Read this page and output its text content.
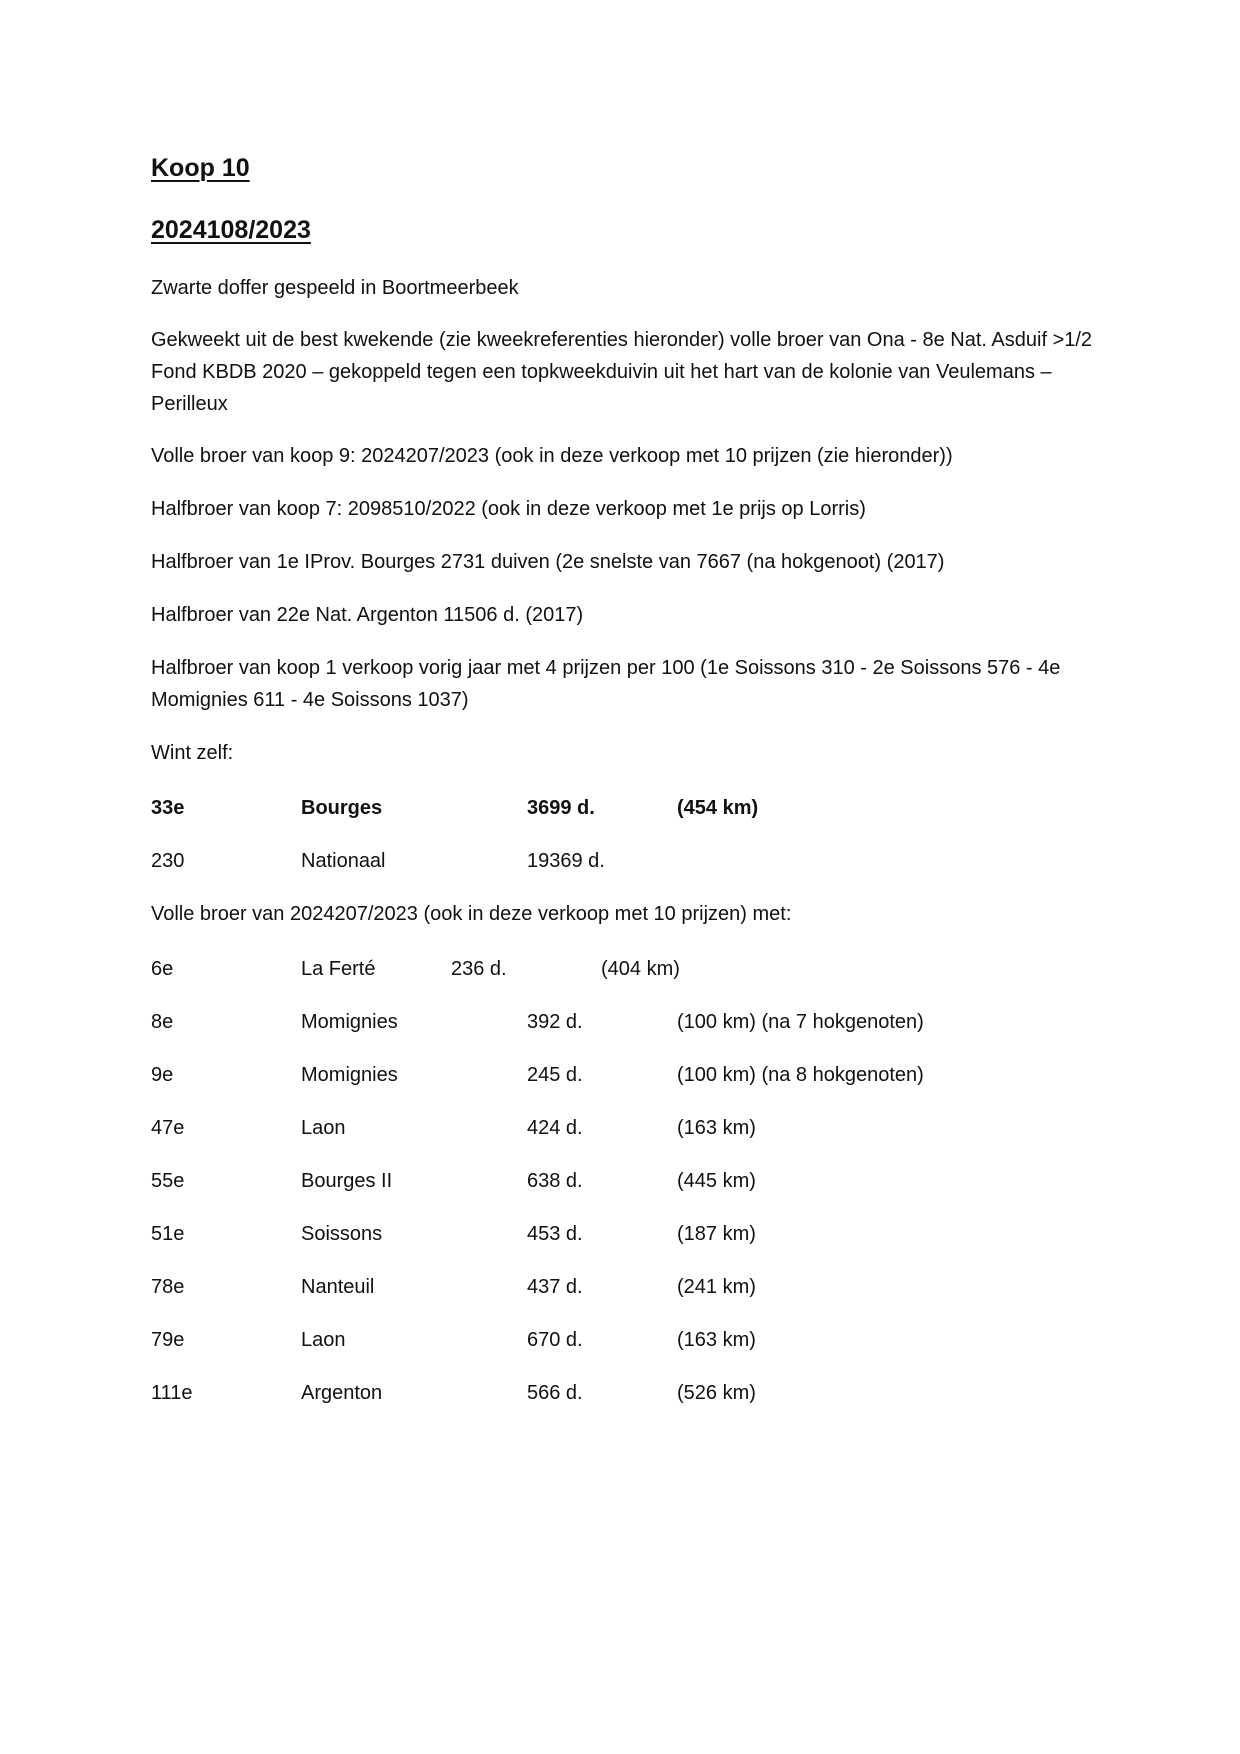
Koop 10
2024108/2023

Zwarte doffer gespeeld in Boortmeerbeek

Gekweekt uit de best kwekende (zie kweekreferenties hieronder) volle broer van Ona - 8e Nat. Asduif >1/2 Fond KBDB 2020 – gekoppeld tegen een topkweekduivin uit het hart van de kolonie van Veulemans – Perilleux

Volle broer van koop 9: 2024207/2023 (ook in deze verkoop met 10 prijzen (zie hieronder))

Halfbroer van koop 7: 2098510/2022 (ook in deze verkoop met 1e prijs op Lorris)

Halfbroer van 1e IProv. Bourges 2731 duiven (2e snelste van 7667 (na hokgenoot) (2017)

Halfbroer van 22e Nat. Argenton 11506 d. (2017)

Halfbroer van koop 1 verkoop vorig jaar met 4 prijzen per 100 (1e Soissons 310 - 2e Soissons 576 - 4e Momignies 611 - 4e Soissons 1037)

Wint zelf:

33e	Bourges	3699 d.	(454 km)
230	Nationaal	19369 d.

Volle broer van 2024207/2023 (ook in deze verkoop met 10 prijzen) met:

6e	La Ferté	236 d.	(404 km)
8e	Momignies	392 d.	(100 km) (na 7 hokgenoten)
9e	Momignies	245 d.	(100 km) (na 8 hokgenoten)
47e	Laon	424 d.	(163 km)
55e	Bourges II	638 d.	(445 km)
51e	Soissons	453 d.	(187 km)
78e	Nanteuil	437 d.	(241 km)
79e	Laon	670 d.	(163 km)
111e	Argenton	566 d.	(526 km)
